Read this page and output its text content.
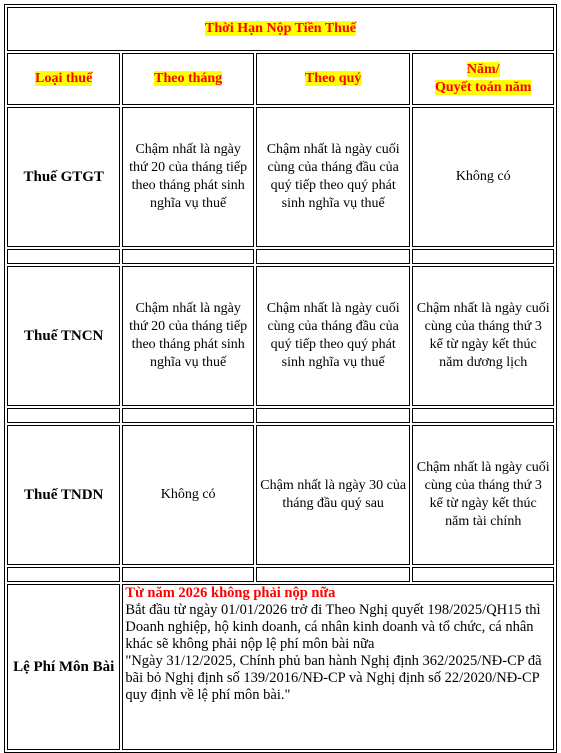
Thời Hạn Nộp Tiền Thuế			
Loại thuế	Theo tháng	Theo quý	Năm/
Quyết toán năm
Thuế GTGT	Chậm nhất là ngày thứ 20 của tháng tiếp theo tháng phát sinh nghĩa vụ thuế	Chậm nhất là ngày cuối cùng của tháng đầu của quý tiếp theo quý phát sinh nghĩa vụ thuế	Không có

Thuế TNCN	Chậm nhất là ngày thứ 20 của tháng tiếp theo tháng phát sinh nghĩa vụ thuế	Chậm nhất là ngày cuối cùng của tháng đầu của quý tiếp theo quý phát sinh nghĩa vụ thuế	Chậm nhất là ngày cuối cùng của tháng thứ 3 kể từ ngày kết thúc năm dương lịch

Thuế TNDN	Không có	Chậm nhất là ngày 30 của tháng đầu quý sau	Chậm nhất là ngày cuối cùng của tháng thứ 3 kể từ ngày kết thúc năm tài chính

Lệ Phí Môn Bài	Từ năm 2026 không phải nộp nữa
Bắt đầu từ ngày 01/01/2026 trở đi Theo Nghị quyết 198/2025/QH15 thì Doanh nghiệp, hộ kinh doanh, cá nhân kinh doanh và tổ chức, cá nhân khác sẽ không phải nộp lệ phí môn bài nữa
"Ngày 31/12/2025, Chính phủ ban hành Nghị định 362/2025/NĐ-CP đã bãi bỏ Nghị định số 139/2016/NĐ-CP và Nghị định số 22/2020/NĐ-CP quy định về lệ phí môn bài."		
